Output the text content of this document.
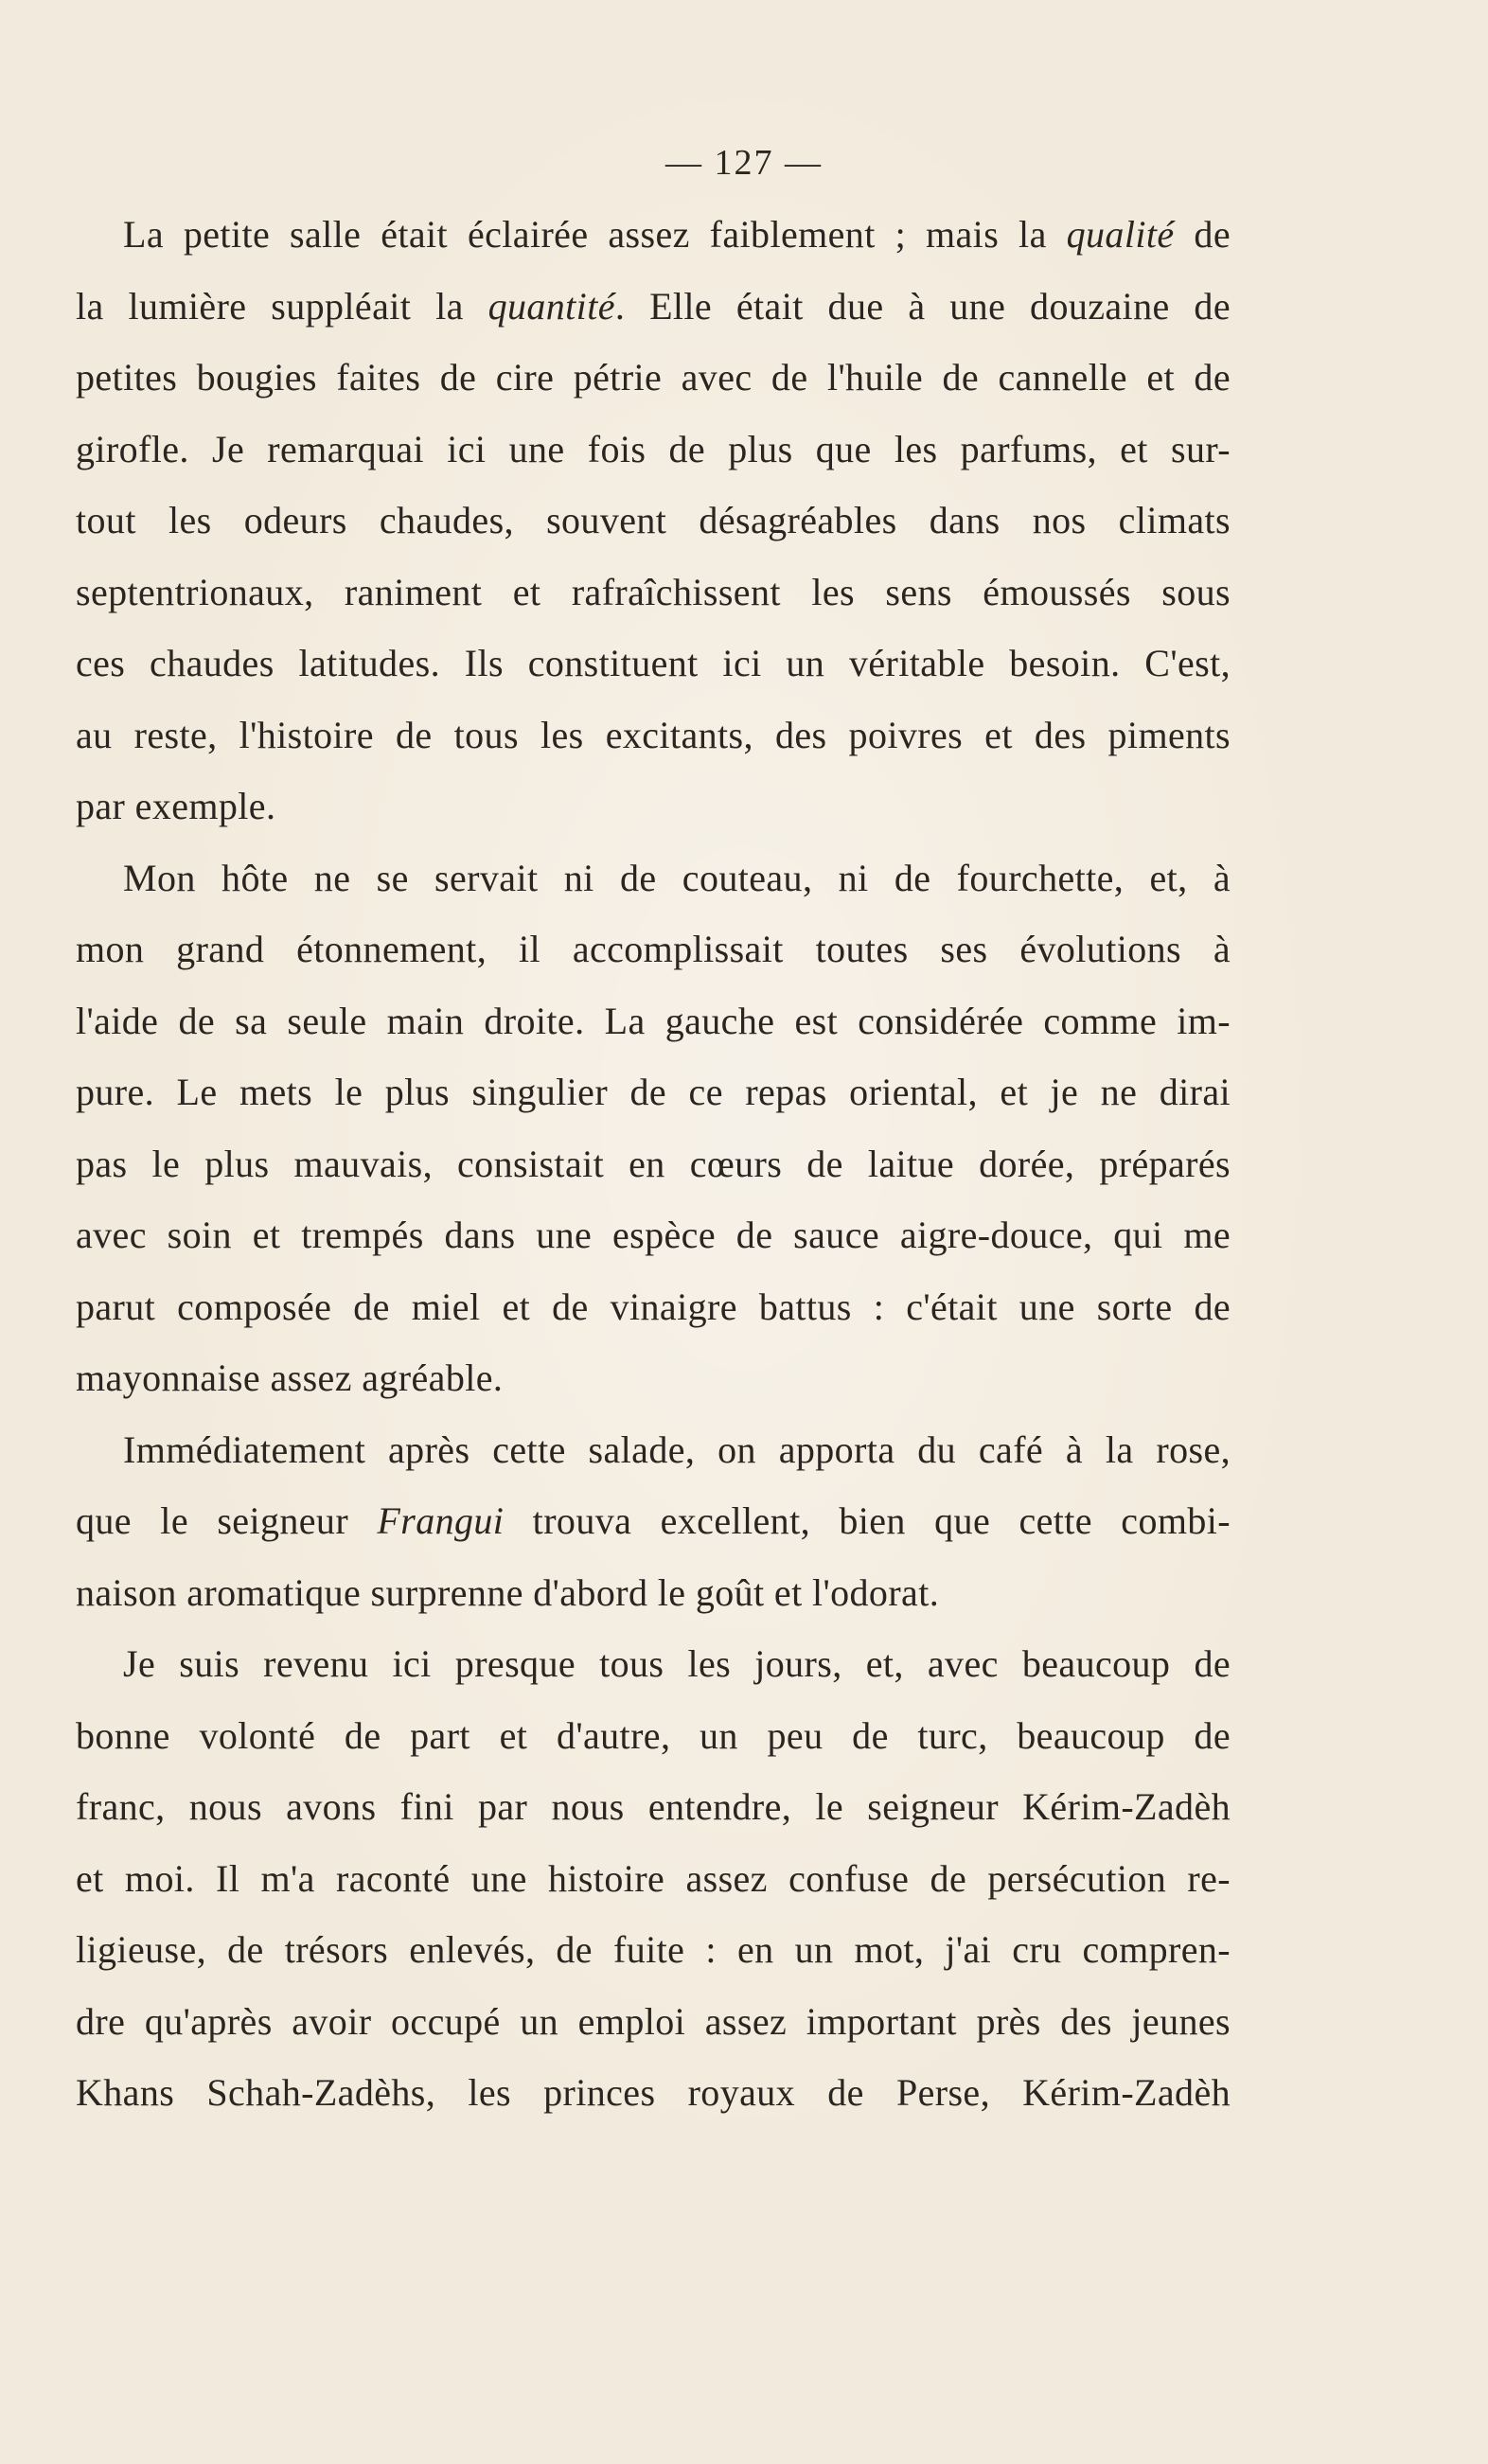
— 127 —
La petite salle était éclairée assez faiblement ; mais la qualité de
la lumière suppléait la quantité. Elle était due à une douzaine de
petites bougies faites de cire pétrie avec de l'huile de cannelle et de
girofle. Je remarquai ici une fois de plus que les parfums, et sur-
tout les odeurs chaudes, souvent désagréables dans nos climats
septentrionaux, raniment et rafraîchissent les sens émoussés sous
ces chaudes latitudes. Ils constituent ici un véritable besoin. C'est,
au reste, l'histoire de tous les excitants, des poivres et des piments
par exemple.
Mon hôte ne se servait ni de couteau, ni de fourchette, et, à
mon grand étonnement, il accomplissait toutes ses évolutions à
l'aide de sa seule main droite. La gauche est considérée comme im-
pure. Le mets le plus singulier de ce repas oriental, et je ne dirai
pas le plus mauvais, consistait en cœurs de laitue dorée, préparés
avec soin et trempés dans une espèce de sauce aigre-douce, qui me
parut composée de miel et de vinaigre battus : c'était une sorte de
mayonnaise assez agréable.
Immédiatement après cette salade, on apporta du café à la rose,
que le seigneur Frangui trouva excellent, bien que cette combi-
naison aromatique surprenne d'abord le goût et l'odorat.
Je suis revenu ici presque tous les jours, et, avec beaucoup de
bonne volonté de part et d'autre, un peu de turc, beaucoup de
franc, nous avons fini par nous entendre, le seigneur Kérim-Zadèh
et moi. Il m'a raconté une histoire assez confuse de persécution re-
ligieuse, de trésors enlevés, de fuite : en un mot, j'ai cru compren-
dre qu'après avoir occupé un emploi assez important près des jeunes
Khans Schah-Zadèhs, les princes royaux de Perse, Kérim-Zadèh
